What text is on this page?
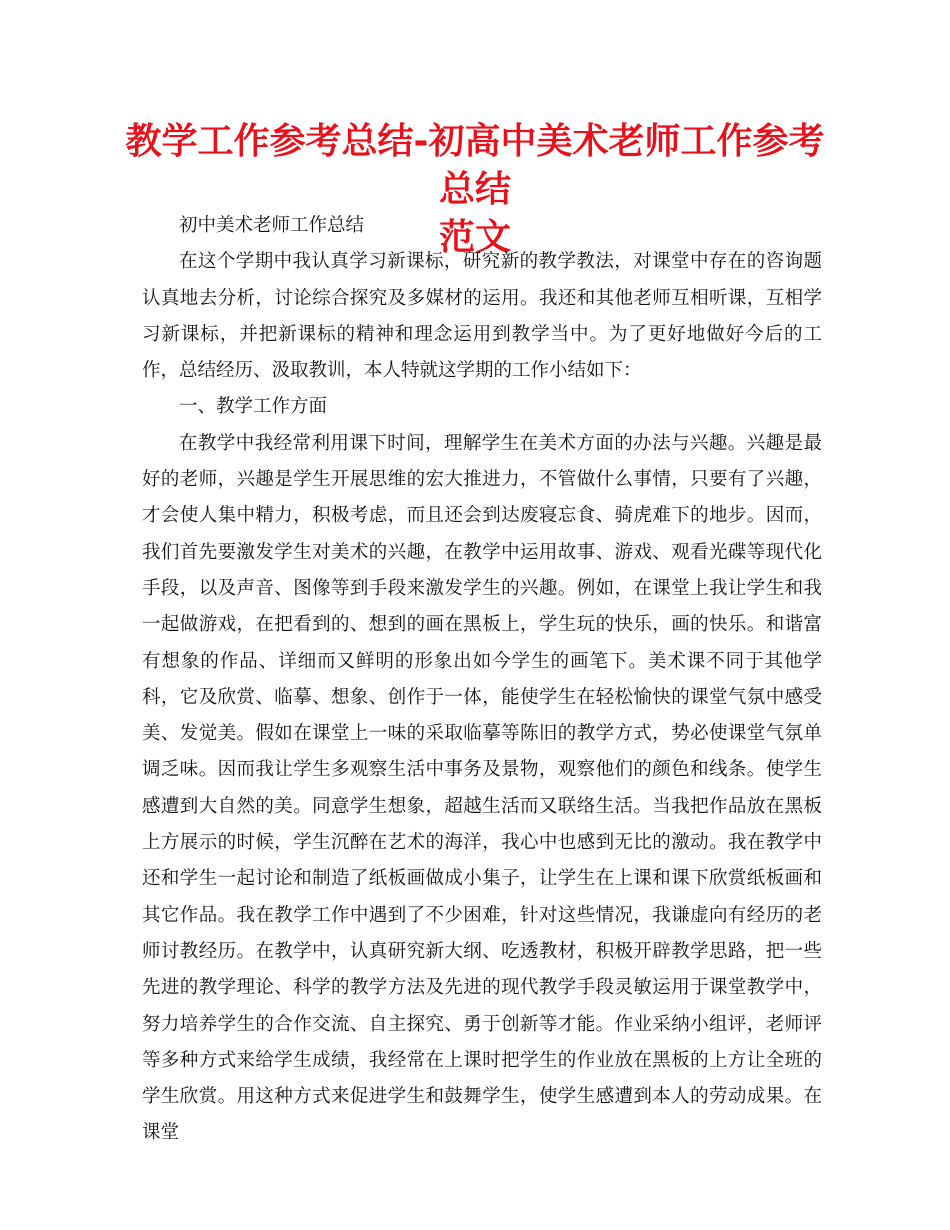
教学工作参考总结-初高中美术老师工作参考总结
范文

初中美术老师工作总结

在这个学期中我认真学习新课标，研究新的教学教法，对课堂中存在的咨询题认真地去分析，讨论综合探究及多媒材的运用。我还和其他老师互相听课，互相学习新课标，并把新课标的精神和理念运用到教学当中。为了更好地做好今后的工作，总结经历、汲取教训，本人特就这学期的工作小结如下：

一、教学工作方面

在教学中我经常利用课下时间，理解学生在美术方面的办法与兴趣。兴趣是最好的老师，兴趣是学生开展思维的宏大推进力，不管做什么事情，只要有了兴趣，才会使人集中精力，积极考虑，而且还会到达废寝忘食、骑虎难下的地步。因而，我们首先要激发学生对美术的兴趣，在教学中运用故事、游戏、观看光碟等现代化手段，以及声音、图像等到手段来激发学生的兴趣。例如，在课堂上我让学生和我一起做游戏，在把看到的、想到的画在黑板上，学生玩的快乐，画的快乐。和谐富有想象的作品、详细而又鲜明的形象出如今学生的画笔下。美术课不同于其他学科，它及欣赏、临摹、想象、创作于一体，能使学生在轻松愉快的课堂气氛中感受美、发觉美。假如在课堂上一味的采取临摹等陈旧的教学方式，势必使课堂气氛单调乏味。因而我让学生多观察生活中事务及景物，观察他们的颜色和线条。使学生感遭到大自然的美。同意学生想象，超越生活而又联络生活。当我把作品放在黑板上方展示的时候，学生沉醉在艺术的海洋，我心中也感到无比的激动。我在教学中还和学生一起讨论和制造了纸板画做成小集子，让学生在上课和课下欣赏纸板画和其它作品。我在教学工作中遇到了不少困难，针对这些情况，我谦虚向有经历的老师讨教经历。在教学中，认真研究新大纲、吃透教材，积极开辟教学思路，把一些先进的教学理论、科学的教学方法及先进的现代教学手段灵敏运用于课堂教学中，努力培养学生的合作交流、自主探究、勇于创新等才能。作业采纳小组评，老师评等多种方式来给学生成绩，我经常在上课时把学生的作业放在黑板的上方让全班的学生欣赏。用这种方式来促进学生和鼓舞学生，使学生感遭到本人的劳动成果。在课堂
